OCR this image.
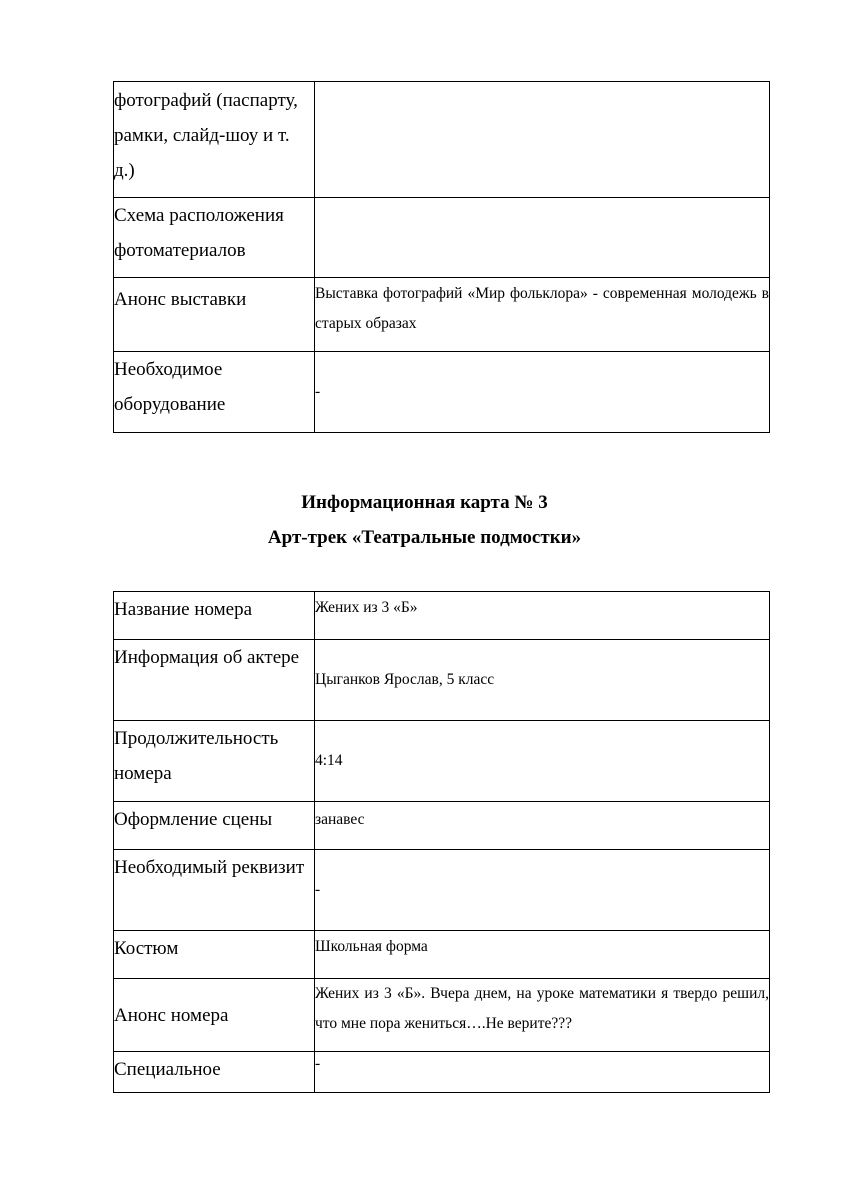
фотографий (паспарту, рамки, слайд-шоу и т. д.)	
Схема расположения фотоматериалов	
Анонс выставки	Выставка фотографий «Мир фольклора» - современная молодежь в старых образах
Необходимое оборудование	-

Информационная карта № 3

Арт-трек «Театральные подмостки»

Название номера	Жених из 3 «Б»
Информация об актере	Цыганков Ярослав, 5 класс
Продолжительность номера	4:14
Оформление сцены	занавес
Необходимый реквизит	-
Костюм	Школьная форма
Анонс номера	Жених из 3 «Б». Вчера днем, на уроке математики я твердо решил, что мне пора жениться….Не верите???
Специальное	-
